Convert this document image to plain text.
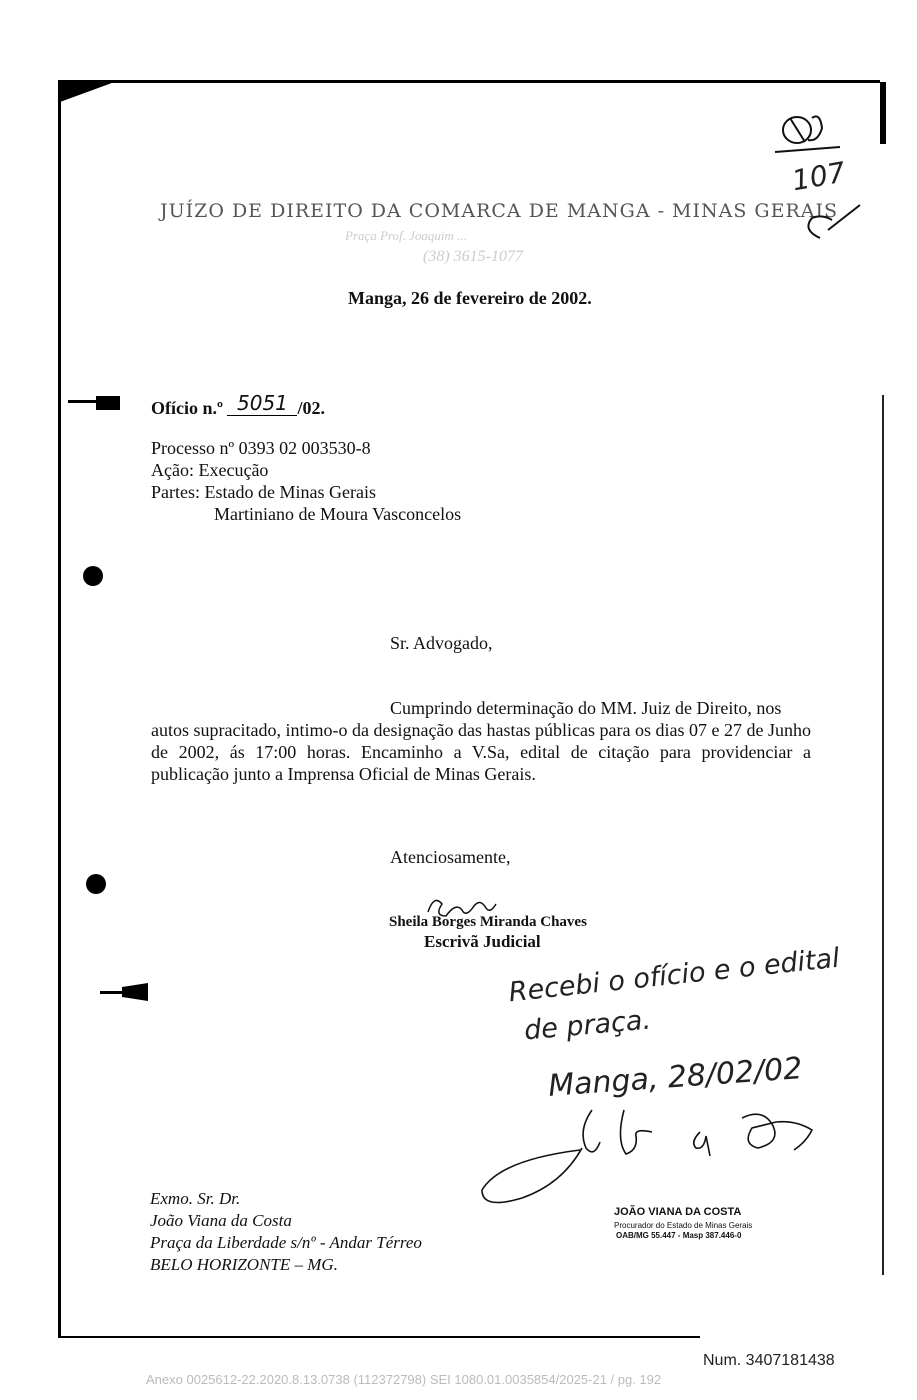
JUÍZO DE DIREITO DA COMARCA DE MANGA - MINAS GERAIS
Praça Prof. Joaquim ...
(38) 3615-1077
107
Manga, 26 de fevereiro de 2002.
Ofício n.º 5051 /02.
Processo nº 0393 02 003530-8
Ação: Execução
Partes: Estado de Minas Gerais
Martiniano de Moura Vasconcelos
Sr. Advogado,
Cumprindo determinação do MM. Juiz de Direito, nos
autos supracitado, intimo-o da designação das hastas públicas para os dias 07 e 27 de Junho de 2002, ás 17:00 horas. Encaminho a V.Sa, edital de citação para providenciar a publicação junto a Imprensa Oficial de Minas Gerais.
Atenciosamente,
Sheila Borges Miranda Chaves
Escrivã Judicial
Recebi o ofício e o edital
de praça.
Manga, 28/02/02
Exmo. Sr. Dr.
João Viana da Costa
Praça da Liberdade s/nº - Andar Térreo
BELO HORIZONTE – MG.
JOÃO VIANA DA COSTA
Procurador do Estado de Minas Gerais
OAB/MG 55.447 - Masp 387.446-0
Num. 3407181438
Anexo 0025612-22.2020.8.13.0738 (112372798) SEI 1080.01.0035854/2025-21 / pg. 192
